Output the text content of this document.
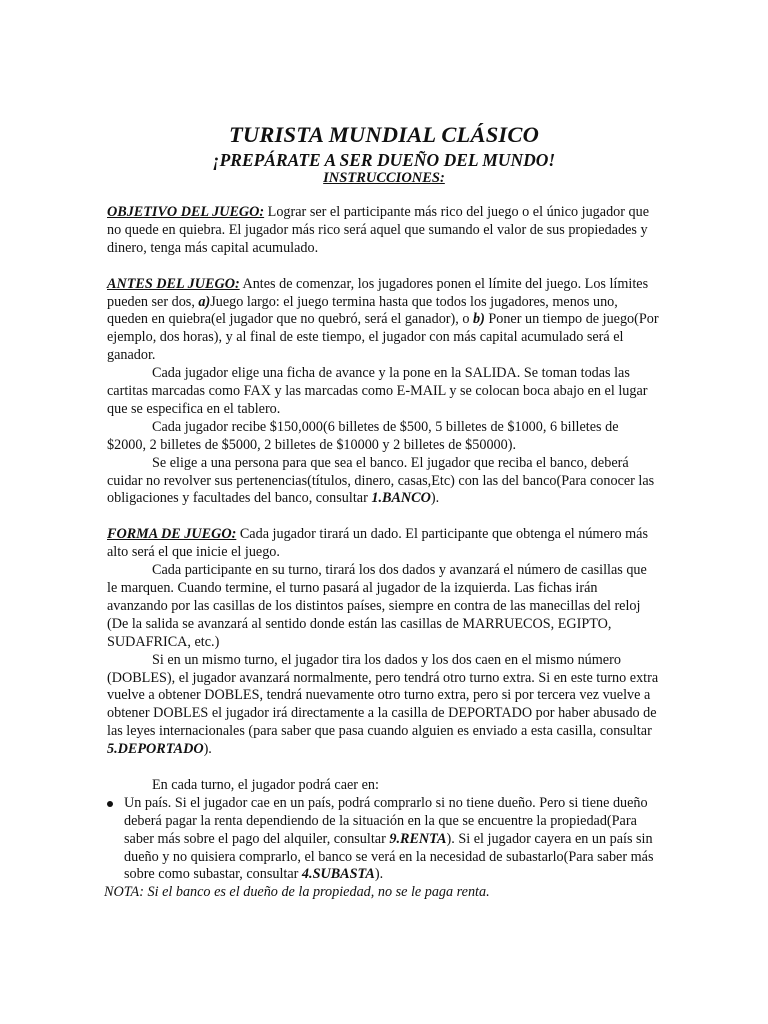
TURISTA MUNDIAL CLÁSICO
¡PREPÁRATE A SER DUEÑO DEL MUNDO!
INSTRUCCIONES:

OBJETIVO DEL JUEGO: Lograr ser el participante más rico del juego o el único jugador que no quede en quiebra. El jugador más rico será aquel que sumando el valor de sus propiedades y dinero, tenga más capital acumulado.

ANTES DEL JUEGO: Antes de comenzar, los jugadores ponen el límite del juego. Los límites pueden ser dos, a)Juego largo: el juego termina hasta que todos los jugadores, menos uno, queden en quiebra(el jugador que no quebró, será el ganador), o b) Poner un tiempo de juego(Por ejemplo, dos horas), y al final de este tiempo, el jugador con más capital acumulado será el ganador.

Cada jugador elige una ficha de avance y la pone en la SALIDA. Se toman todas las cartitas marcadas como FAX y las marcadas como E-MAIL y se colocan boca abajo en el lugar que se especifica en el tablero.

Cada jugador recibe $150,000(6 billetes de $500, 5 billetes de $1000, 6 billetes de $2000, 2 billetes de $5000, 2 billetes de $10000 y 2 billetes de $50000).

Se elige a una persona para que sea el banco. El jugador que reciba el banco, deberá cuidar no revolver sus pertenencias(títulos, dinero, casas,Etc) con las del banco(Para conocer las obligaciones y facultades del banco, consultar 1.BANCO).

FORMA DE JUEGO: Cada jugador tirará un dado. El participante que obtenga el número más alto será el que inicie el juego.

Cada participante en su turno, tirará los dos dados y avanzará el número de casillas que le marquen. Cuando termine, el turno pasará al jugador de la izquierda. Las fichas irán avanzando por las casillas de los distintos países, siempre en contra de las manecillas del reloj (De la salida se avanzará al sentido donde están las casillas de MARRUECOS, EGIPTO, SUDAFRICA, etc.)

Si en un mismo turno, el jugador tira los dados y los dos caen en el mismo número (DOBLES), el jugador avanzará normalmente, pero tendrá otro turno extra. Si en este turno extra vuelve a obtener DOBLES, tendrá nuevamente otro turno extra, pero si por tercera vez vuelve a obtener DOBLES el jugador irá directamente a la casilla de DEPORTADO por haber abusado de las leyes internacionales (para saber que pasa cuando alguien es enviado a esta casilla, consultar 5.DEPORTADO).

En cada turno, el jugador podrá caer en:

Un país. Si el jugador cae en un país, podrá comprarlo si no tiene dueño. Pero si tiene dueño deberá pagar la renta dependiendo de la situación en la que se encuentre la propiedad(Para saber más sobre el pago del alquiler, consultar 9.RENTA). Si el jugador cayera en un país sin dueño y no quisiera comprarlo, el banco se verá en la necesidad de subastarlo(Para saber más sobre como subastar, consultar 4.SUBASTA).

NOTA: Si el banco es el dueño de la propiedad, no se le paga renta.
